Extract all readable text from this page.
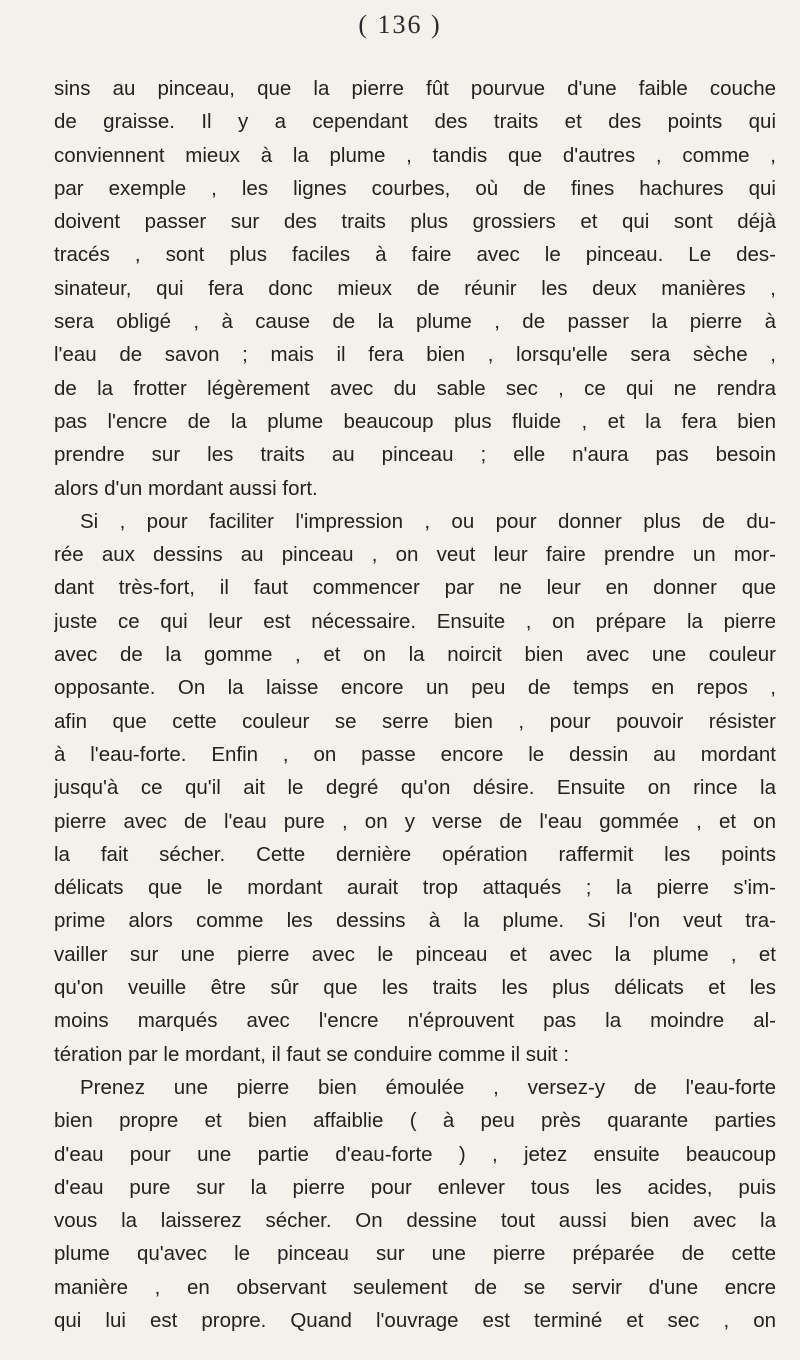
( 136 )
sins au pinceau, que la pierre fût pourvue d'une faible couche
de graisse. Il y a cependant des traits et des points qui
conviennent mieux à la plume , tandis que d'autres , comme ,
par exemple , les lignes courbes, où de fines hachures qui
doivent passer sur des traits plus grossiers et qui sont déjà
tracés , sont plus faciles à faire avec le pinceau. Le des-
sinateur, qui fera donc mieux de réunir les deux manières ,
sera obligé , à cause de la plume , de passer la pierre à
l'eau de savon ; mais il fera bien , lorsqu'elle sera sèche ,
de la frotter légèrement avec du sable sec , ce qui ne rendra
pas l'encre de la plume beaucoup plus fluide , et la fera bien
prendre sur les traits au pinceau ; elle n'aura pas besoin
alors d'un mordant aussi fort.
Si , pour faciliter l'impression , ou pour donner plus de du-
rée aux dessins au pinceau , on veut leur faire prendre un mor-
dant très-fort, il faut commencer par ne leur en donner que
juste ce qui leur est nécessaire. Ensuite , on prépare la pierre
avec de la gomme , et on la noircit bien avec une couleur
opposante. On la laisse encore un peu de temps en repos ,
afin que cette couleur se serre bien , pour pouvoir résister
à l'eau-forte. Enfin , on passe encore le dessin au mordant
jusqu'à ce qu'il ait le degré qu'on désire. Ensuite on rince la
pierre avec de l'eau pure , on y verse de l'eau gommée , et on
la fait sécher. Cette dernière opération raffermit les points
délicats que le mordant aurait trop attaqués ; la pierre s'im-
prime alors comme les dessins à la plume. Si l'on veut tra-
vailler sur une pierre avec le pinceau et avec la plume , et
qu'on veuille être sûr que les traits les plus délicats et les
moins marqués avec l'encre n'éprouvent pas la moindre al-
tération par le mordant, il faut se conduire comme il suit :
Prenez une pierre bien émoulée , versez-y de l'eau-forte
bien propre et bien affaiblie ( à peu près quarante parties
d'eau pour une partie d'eau-forte ) , jetez ensuite beaucoup
d'eau pure sur la pierre pour enlever tous les acides, puis
vous la laisserez sécher. On dessine tout aussi bien avec la
plume qu'avec le pinceau sur une pierre préparée de cette
manière , en observant seulement de se servir d'une encre
qui lui est propre. Quand l'ouvrage est terminé et sec , on
